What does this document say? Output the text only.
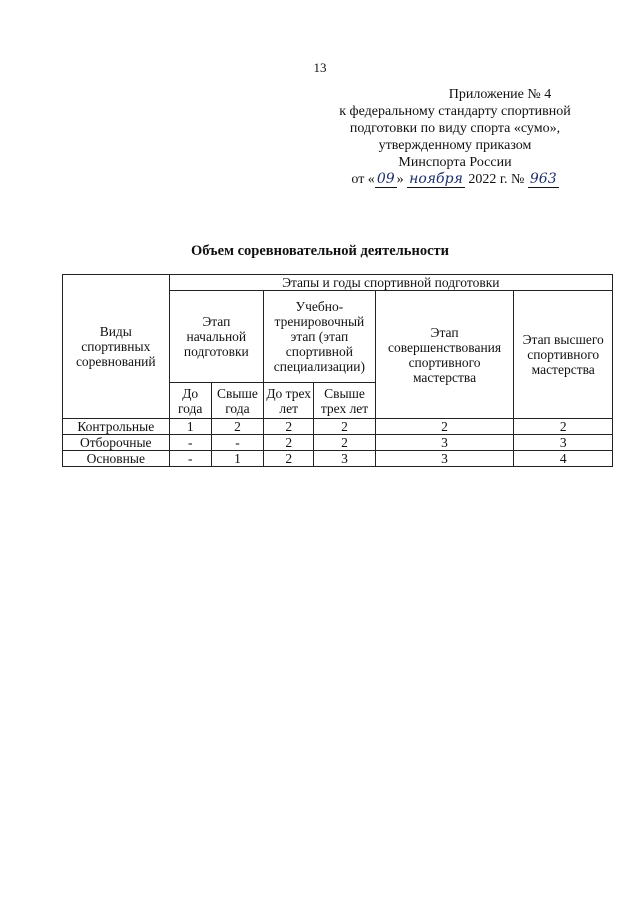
13
Приложение № 4
к федеральному стандарту спортивной
подготовки по виду спорта «сумо»,
утвержденному приказом
Минспорта России
от « 09 » ноября 2022 г. № 963
Объем соревновательной деятельности
Виды спортивных соревнований	Этапы и годы спортивной подготовки					
	Этап начальной подготовки		Учебно-тренировочный этап (этап спортивной специализации)		Этап совершенствования спортивного мастерства	Этап высшего спортивного мастерства
	До года	Свыше года	До трех лет	Свыше трех лет		
Контрольные	1	2	2	2	2	2
Отборочные	-	-	2	2	3	3
Основные	-	1	2	3	3	4
